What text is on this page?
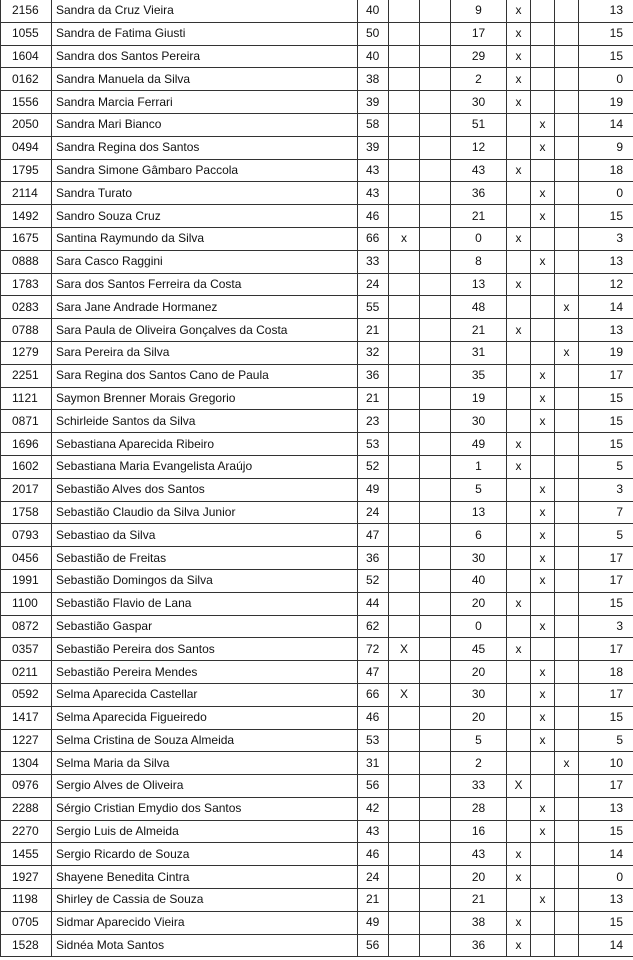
2156	Sandra da Cruz Vieira	40			9	x			13
1055	Sandra de Fatima Giusti	50			17	x			15
1604	Sandra dos Santos Pereira	40			29	x			15
0162	Sandra Manuela da Silva	38			2	x			0
1556	Sandra Marcia Ferrari	39			30	x			19
2050	Sandra Mari Bianco	58			51		x		14
0494	Sandra Regina dos Santos	39			12		x		9
1795	Sandra Simone Gâmbaro Paccola	43			43	x			18
2114	Sandra Turato	43			36		x		0
1492	Sandro Souza Cruz	46			21		x		15
1675	Santina Raymundo da Silva	66	x		0	x			3
0888	Sara Casco Raggini	33			8		x		13
1783	Sara dos Santos Ferreira da Costa	24			13	x			12
0283	Sara Jane Andrade Hormanez	55			48			x	14
0788	Sara Paula de Oliveira Gonçalves da Costa	21			21	x			13
1279	Sara Pereira da Silva	32			31			x	19
2251	Sara Regina dos Santos Cano de Paula	36			35		x		17
1121	Saymon Brenner Morais Gregorio	21			19		x		15
0871	Schirleide Santos da Silva	23			30		x		15
1696	Sebastiana Aparecida Ribeiro	53			49	x			15
1602	Sebastiana Maria Evangelista Araújo	52			1	x			5
2017	Sebastião Alves dos Santos	49			5		x		3
1758	Sebastião Claudio da Silva Junior	24			13		x		7
0793	Sebastiao da Silva	47			6		x		5
0456	Sebastião de Freitas	36			30		x		17
1991	Sebastião Domingos da Silva	52			40		x		17
1100	Sebastião Flavio de Lana	44			20	x			15
0872	Sebastião Gaspar	62			0		x		3
0357	Sebastião Pereira dos Santos	72	X		45	x			17
0211	Sebastião Pereira Mendes	47			20		x		18
0592	Selma Aparecida Castellar	66	X		30		x		17
1417	Selma Aparecida Figueiredo	46			20		x		15
1227	Selma Cristina de Souza Almeida	53			5		x		5
1304	Selma Maria da Silva	31			2			x	10
0976	Sergio Alves de Oliveira	56			33	X			17
2288	Sérgio Cristian Emydio dos Santos	42			28		x		13
2270	Sergio Luis de Almeida	43			16		x		15
1455	Sergio Ricardo de Souza	46			43	x			14
1927	Shayene Benedita Cintra	24			20	x			0
1198	Shirley de Cassia de Souza	21			21		x		13
0705	Sidmar Aparecido Vieira	49			38	x			15
1528	Sidnéa Mota Santos	56			36	x			14
